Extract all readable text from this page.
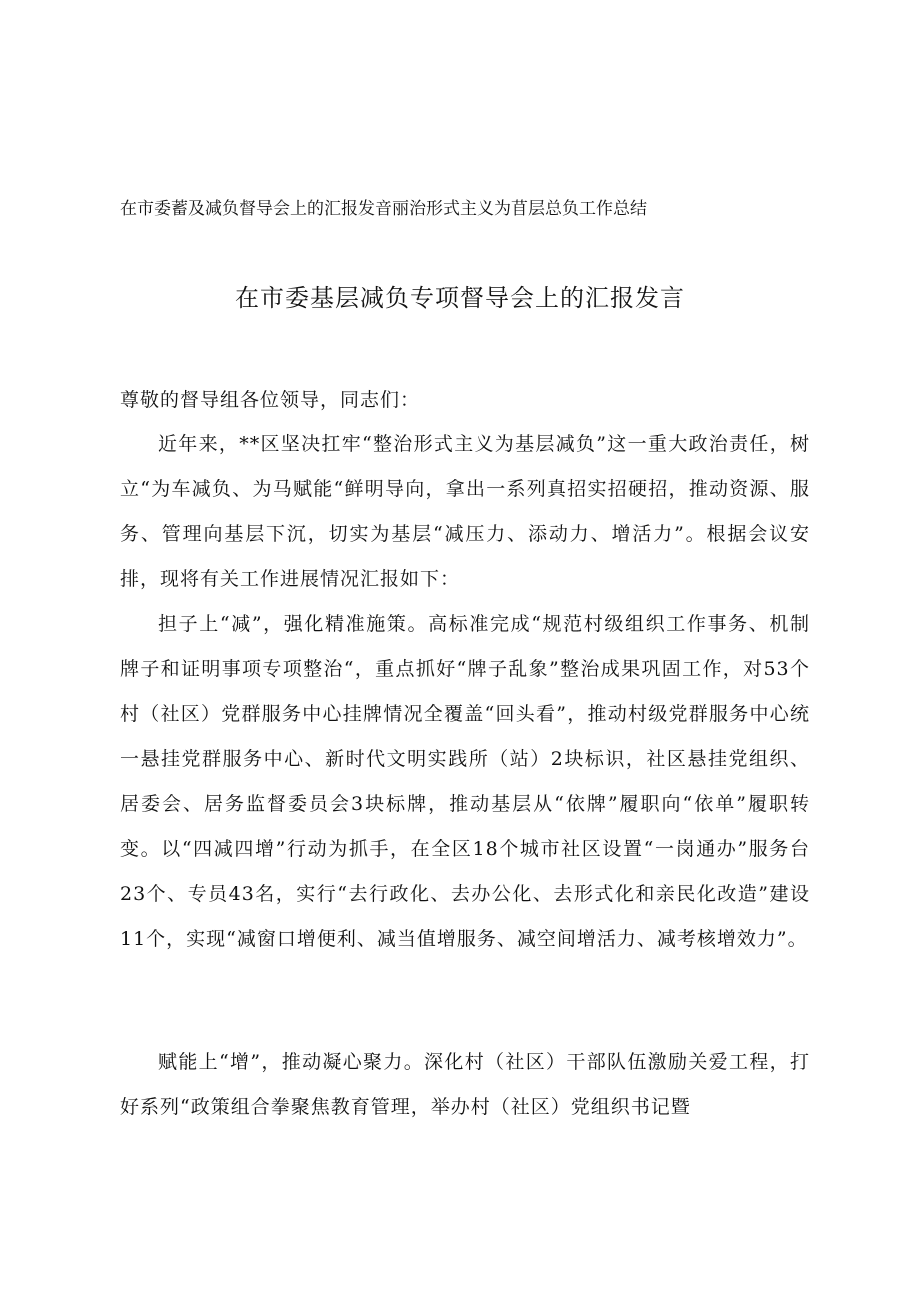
在市委蓄及减负督导会上的汇报发音丽治形式主义为苜层总负工作总结
在市委基层减负专项督导会上的汇报发言
尊敬的督导组各位领导，同志们：
近年来，**区坚决扛牢“整治形式主义为基层减负”这一重大政治责任，树立“为车减负、为马赋能“鲜明导向，拿出一系列真招实招硬招，推动资源、服务、管理向基层下沉，切实为基层“减压力、添动力、增活力”。根据会议安排，现将有关工作进展情况汇报如下：
担子上“减”，强化精准施策。高标准完成“规范村级组织工作事务、机制牌子和证明事项专项整治“，重点抓好“牌子乱象”整治成果巩固工作，对53个村（社区）党群服务中心挂牌情况全覆盖“回头看”，推动村级党群服务中心统一悬挂党群服务中心、新时代文明实践所（站）2块标识，社区悬挂党组织、居委会、居务监督委员会3块标牌，推动基层从“依牌”履职向“依单”履职转变。以“四减四增”行动为抓手，在全区18个城市社区设置“一岗通办”服务台23个、专员43名，实行“去行政化、去办公化、去形式化和亲民化改造”建设11个，实现“减窗口增便利、减当值增服务、减空间增活力、减考核增效力”。
赋能上“增”，推动凝心聚力。深化村（社区）干部队伍激励关爱工程，打好系列“政策组合拳聚焦教育管理，举办村（社区）党组织书记暨
